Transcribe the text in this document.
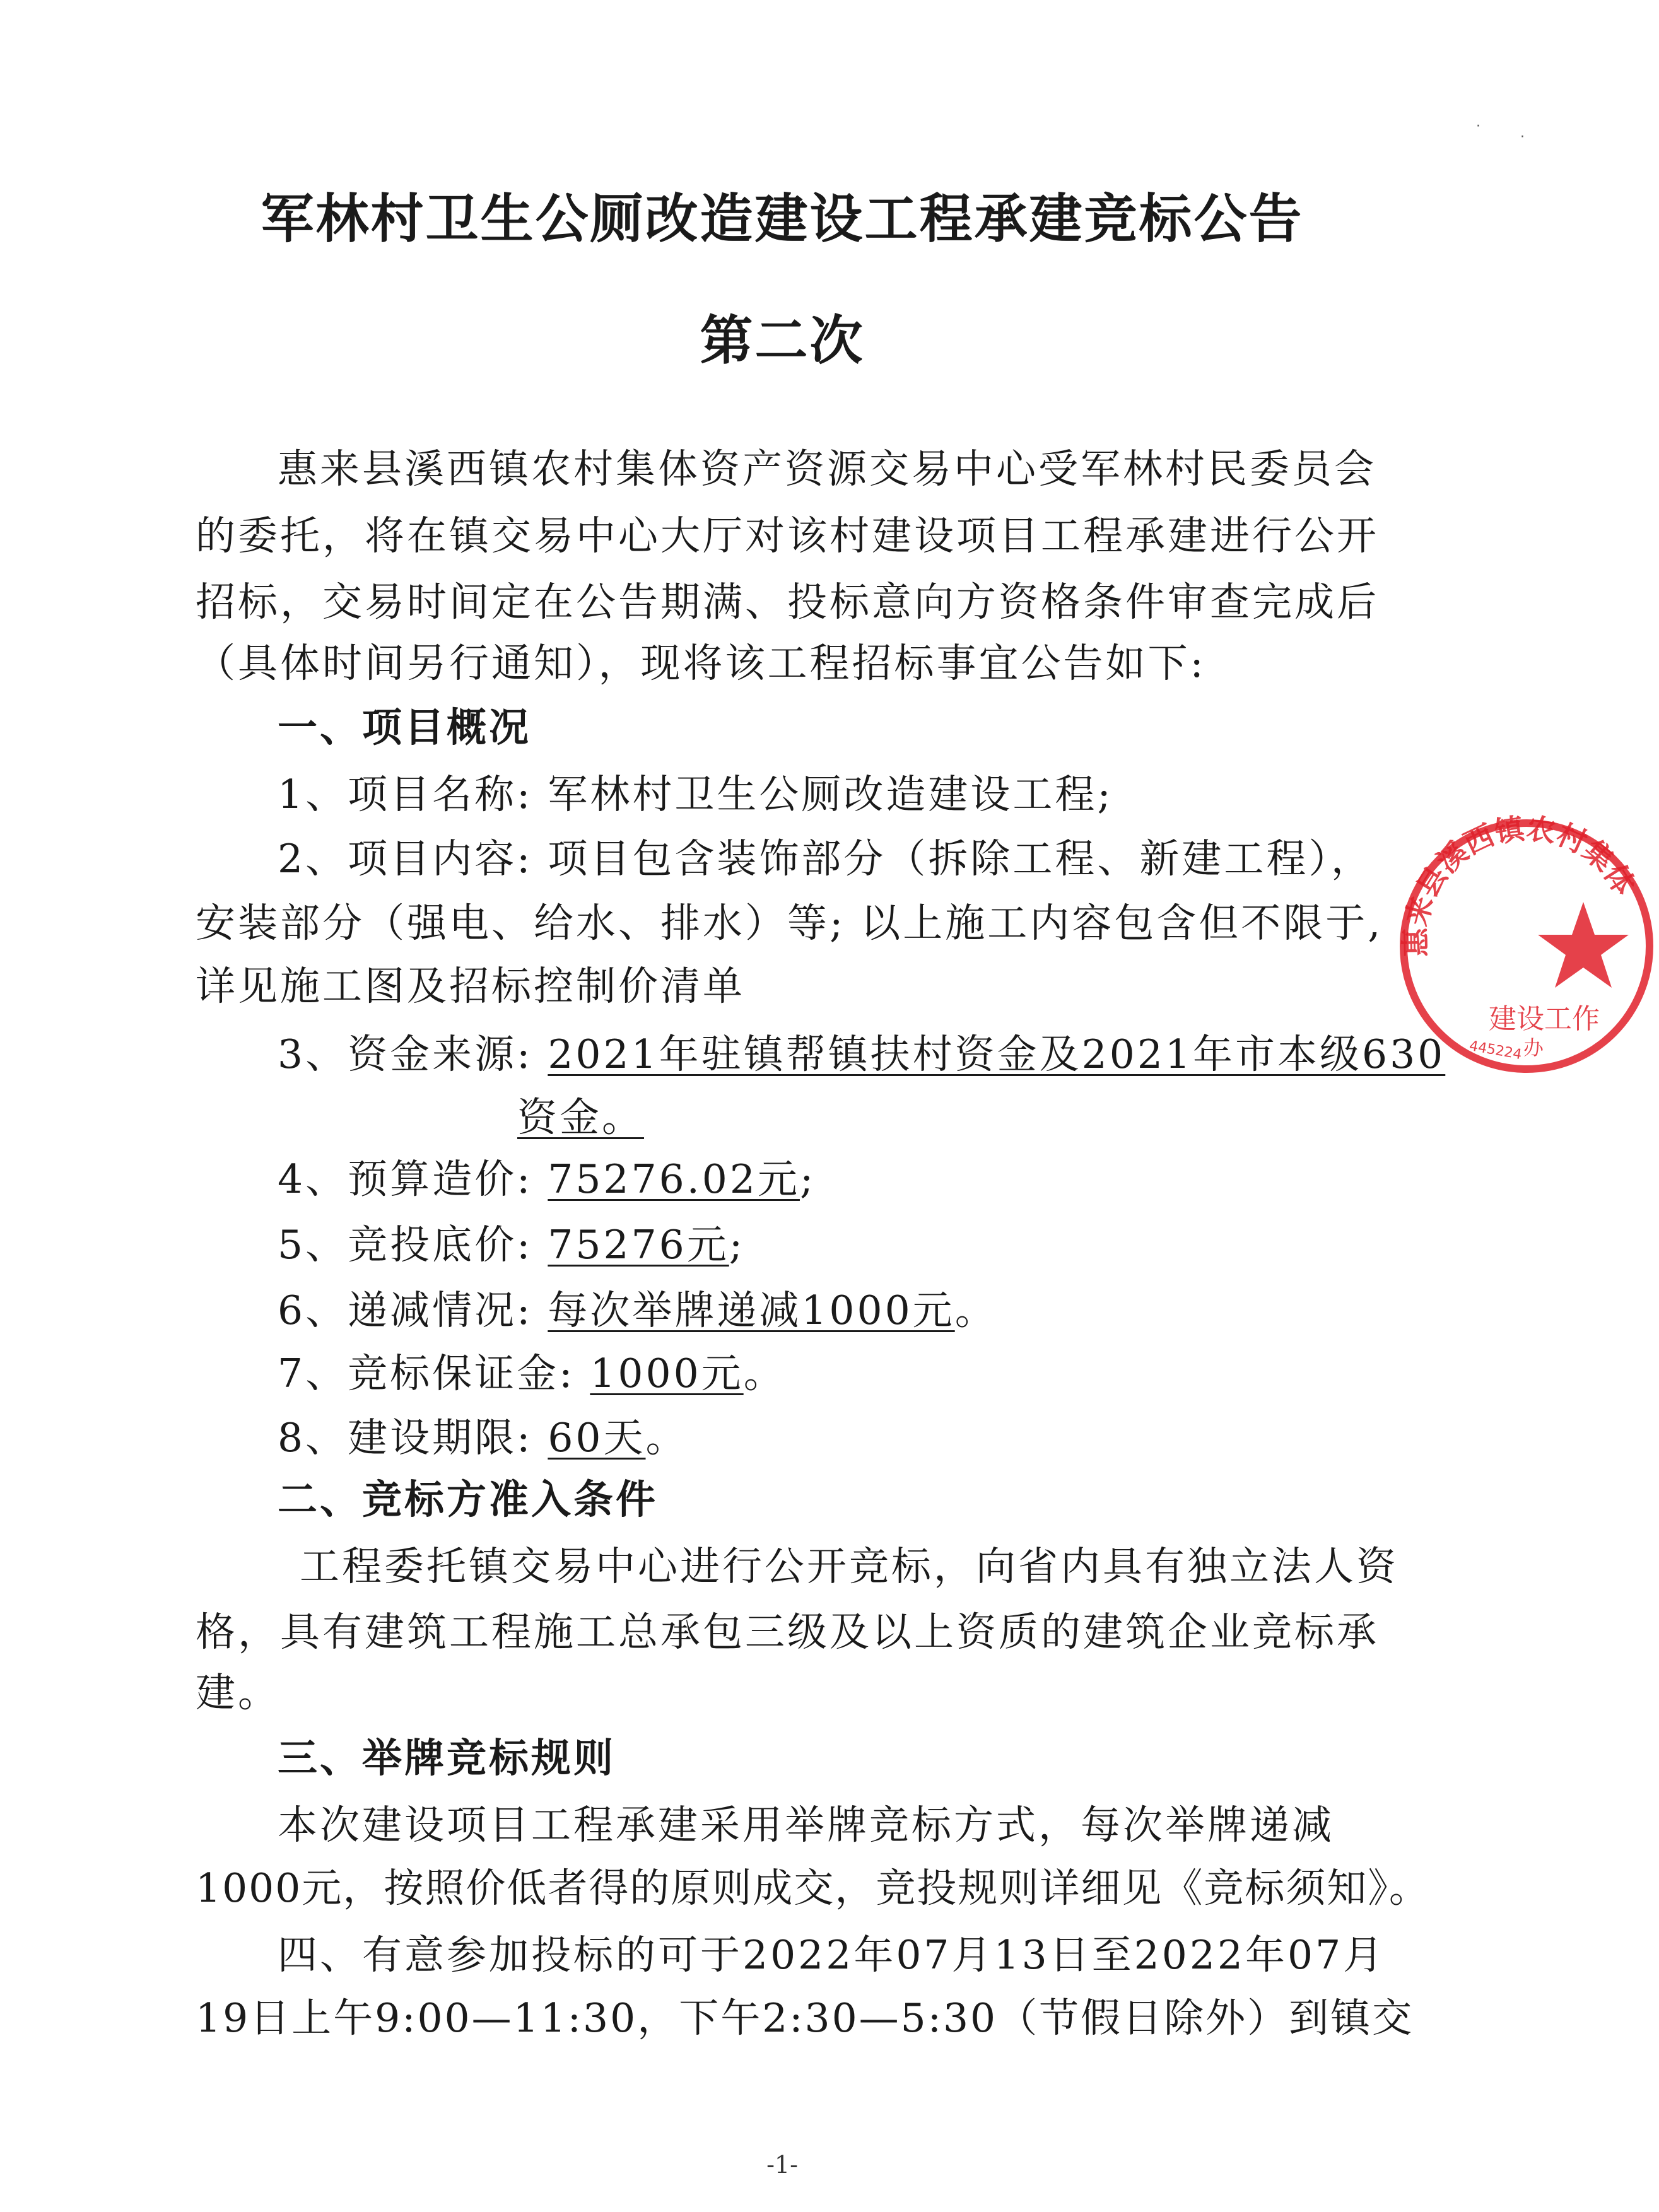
军林村卫生公厕改造建设工程承建竞标公告
第二次
惠来县溪西镇农村集体资产资源交易中心受军林村民委员会
的委托，将在镇交易中心大厅对该村建设项目工程承建进行公开
招标，交易时间定在公告期满、投标意向方资格条件审查完成后
（具体时间另行通知），现将该工程招标事宜公告如下:
一、项目概况
1、项目名称: 军林村卫生公厕改造建设工程;
2、项目内容: 项目包含装饰部分（拆除工程、新建工程），
安装部分（强电、给水、排水）等; 以上施工内容包含但不限于,
详见施工图及招标控制价清单
3、资金来源: 2021年驻镇帮镇扶村资金及2021年市本级630
资金。
4、预算造价: 75276.02元;
5、竞投底价: 75276元;
6、递减情况: 每次举牌递减1000元。
7、竞标保证金: 1000元。
8、建设期限: 60天。
二、竞标方准入条件
工程委托镇交易中心进行公开竞标，向省内具有独立法人资
格，具有建筑工程施工总承包三级及以上资质的建筑企业竞标承
建。
三、举牌竞标规则
本次建设项目工程承建采用举牌竞标方式，每次举牌递减
1000元，按照价低者得的原则成交，竞投规则详细见《竞标须知》。
四、有意参加投标的可于2022年07月13日至2022年07月
19日上午9:00—11:30，下午2:30—5:30（节假日除外）到镇交
-1-
·
·
惠来县溪西镇农村集体
建设工作
办
445224
